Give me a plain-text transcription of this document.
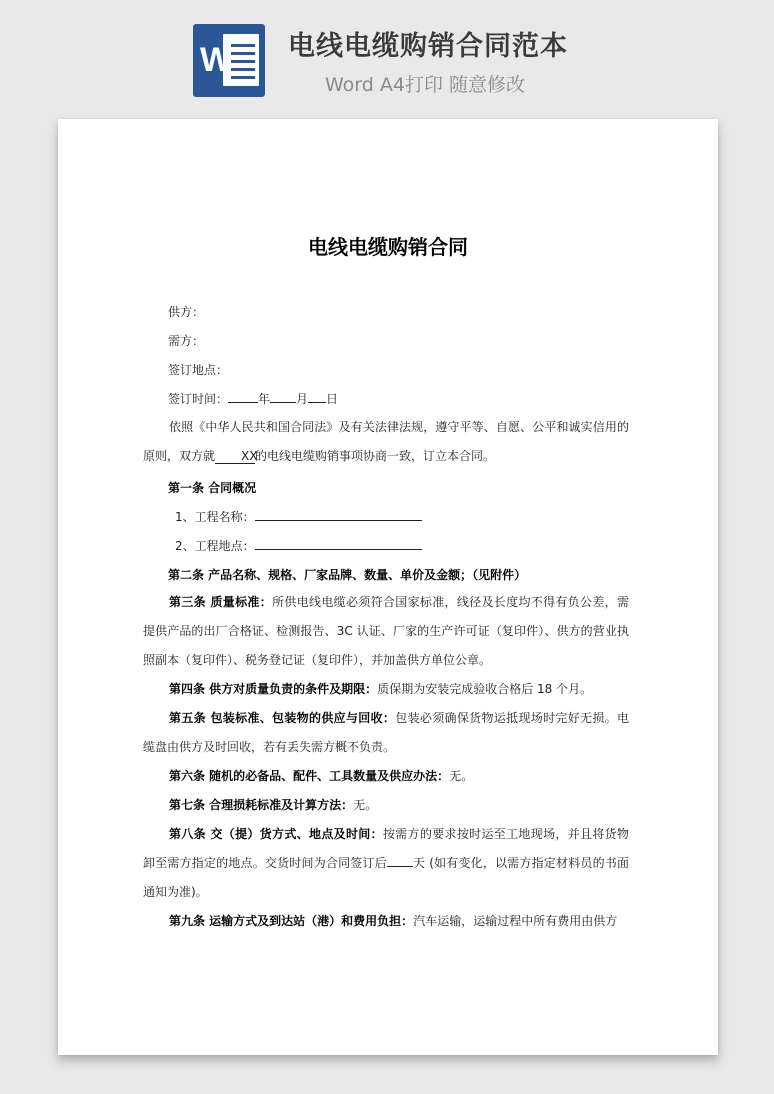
W 电线电缆购销合同范本
Word A4打印 随意修改
电线电缆购销合同
供方：
需方：
签订地点：
签订时间：	年 月 日
依照《中华人民共和国合同法》及有关法律法规，遵守平等、自愿、公平和诚实信用的原则，双方就 XX的电线电缆购销事项协商一致，订立本合同。
第一条 合同概况
1、工程名称：
2、工程地点：
第二条 产品名称、规格、厂家品牌、数量、单价及金额；（见附件）
第三条 质量标准：所供电线电缆必须符合国家标准，线径及长度均不得有负公差，需提供产品的出厂合格证、检测报告、3C 认证、厂家的生产许可证（复印件）、供方的营业执照副本（复印件）、税务登记证（复印件），并加盖供方单位公章。
第四条 供方对质量负责的条件及期限：质保期为安装完成验收合格后 18 个月。
第五条 包装标准、包装物的供应与回收：包装必须确保货物运抵现场时完好无损。电缆盘由供方及时回收，若有丢失需方概不负责。
第六条 随机的必备品、配件、工具数量及供应办法：无。
第七条 合理损耗标准及计算方法：无。
第八条 交（提）货方式、地点及时间：按需方的要求按时运至工地现场，并且将货物卸至需方指定的地点。交货时间为合同签订后 天 (如有变化，以需方指定材料员的书面通知为准)。
第九条 运输方式及到达站（港）和费用负担：汽车运输，运输过程中所有费用由供方
